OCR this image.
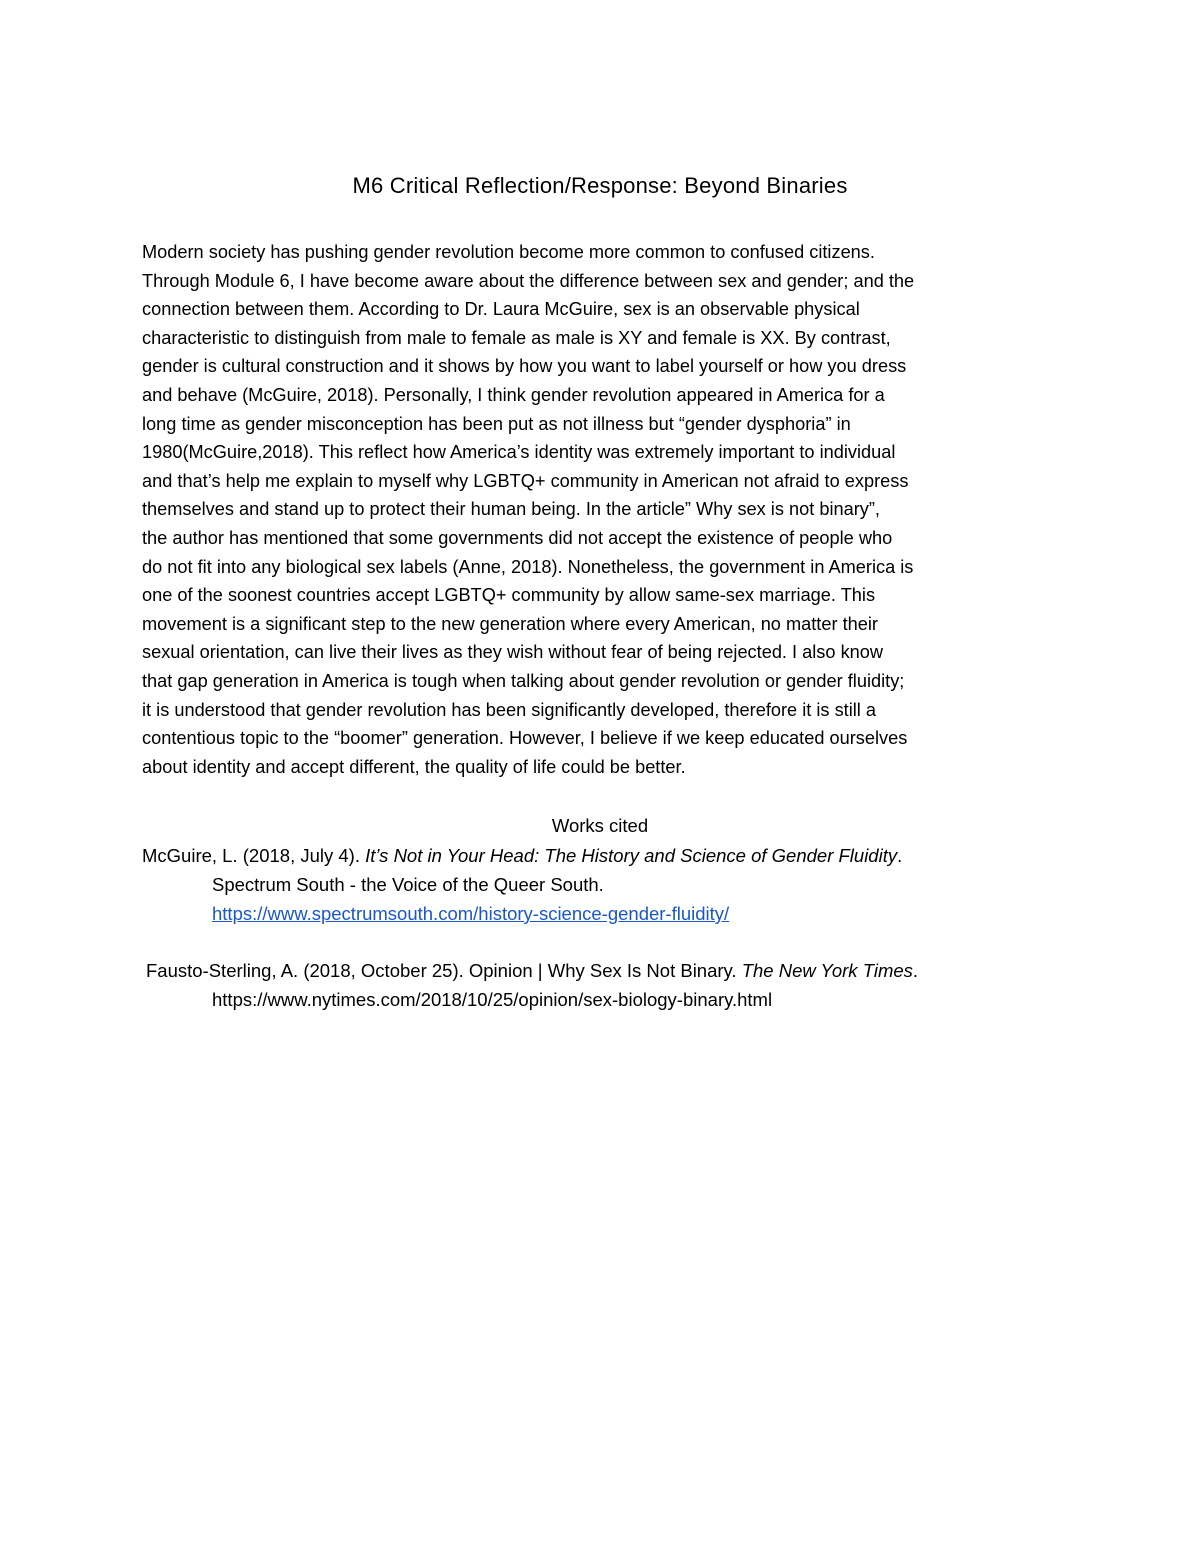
M6 Critical Reflection/Response: Beyond Binaries
Modern society has pushing gender revolution become more common to confused citizens.
Through Module 6, I have become aware about the difference between sex and gender; and the
connection between them. According to Dr. Laura McGuire, sex is an observable physical
characteristic to distinguish from male to female as male is XY and female is XX. By contrast,
gender is cultural construction and it shows by how you want to label yourself or how you dress
and behave (McGuire, 2018). Personally, I think gender revolution appeared in America for a
long time as gender misconception has been put as not illness but “gender dysphoria” in
1980(McGuire,2018). This reflect how America’s identity was extremely important to individual
and that’s help me explain to myself why LGBTQ+ community in American not afraid to express
themselves and stand up to protect their human being. In the article” Why sex is not binary”,
the author has mentioned that some governments did not accept the existence of people who
do not fit into any biological sex labels (Anne, 2018). Nonetheless, the government in America is
one of the soonest countries accept LGBTQ+ community by allow same-sex marriage. This
movement is a significant step to the new generation where every American, no matter their
sexual orientation, can live their lives as they wish without fear of being rejected. I also know
that gap generation in America is tough when talking about gender revolution or gender fluidity;
it is understood that gender revolution has been significantly developed, therefore it is still a
contentious topic to the “boomer” generation. However, I believe if we keep educated ourselves
about identity and accept different, the quality of life could be better.
Works cited
McGuire, L. (2018, July 4). It’s Not in Your Head: The History and Science of Gender Fluidity.
Spectrum South - the Voice of the Queer South.
https://www.spectrumsouth.com/history-science-gender-fluidity/
Fausto-Sterling, A. (2018, October 25). Opinion | Why Sex Is Not Binary. The New York Times.
https://www.nytimes.com/2018/10/25/opinion/sex-biology-binary.html
